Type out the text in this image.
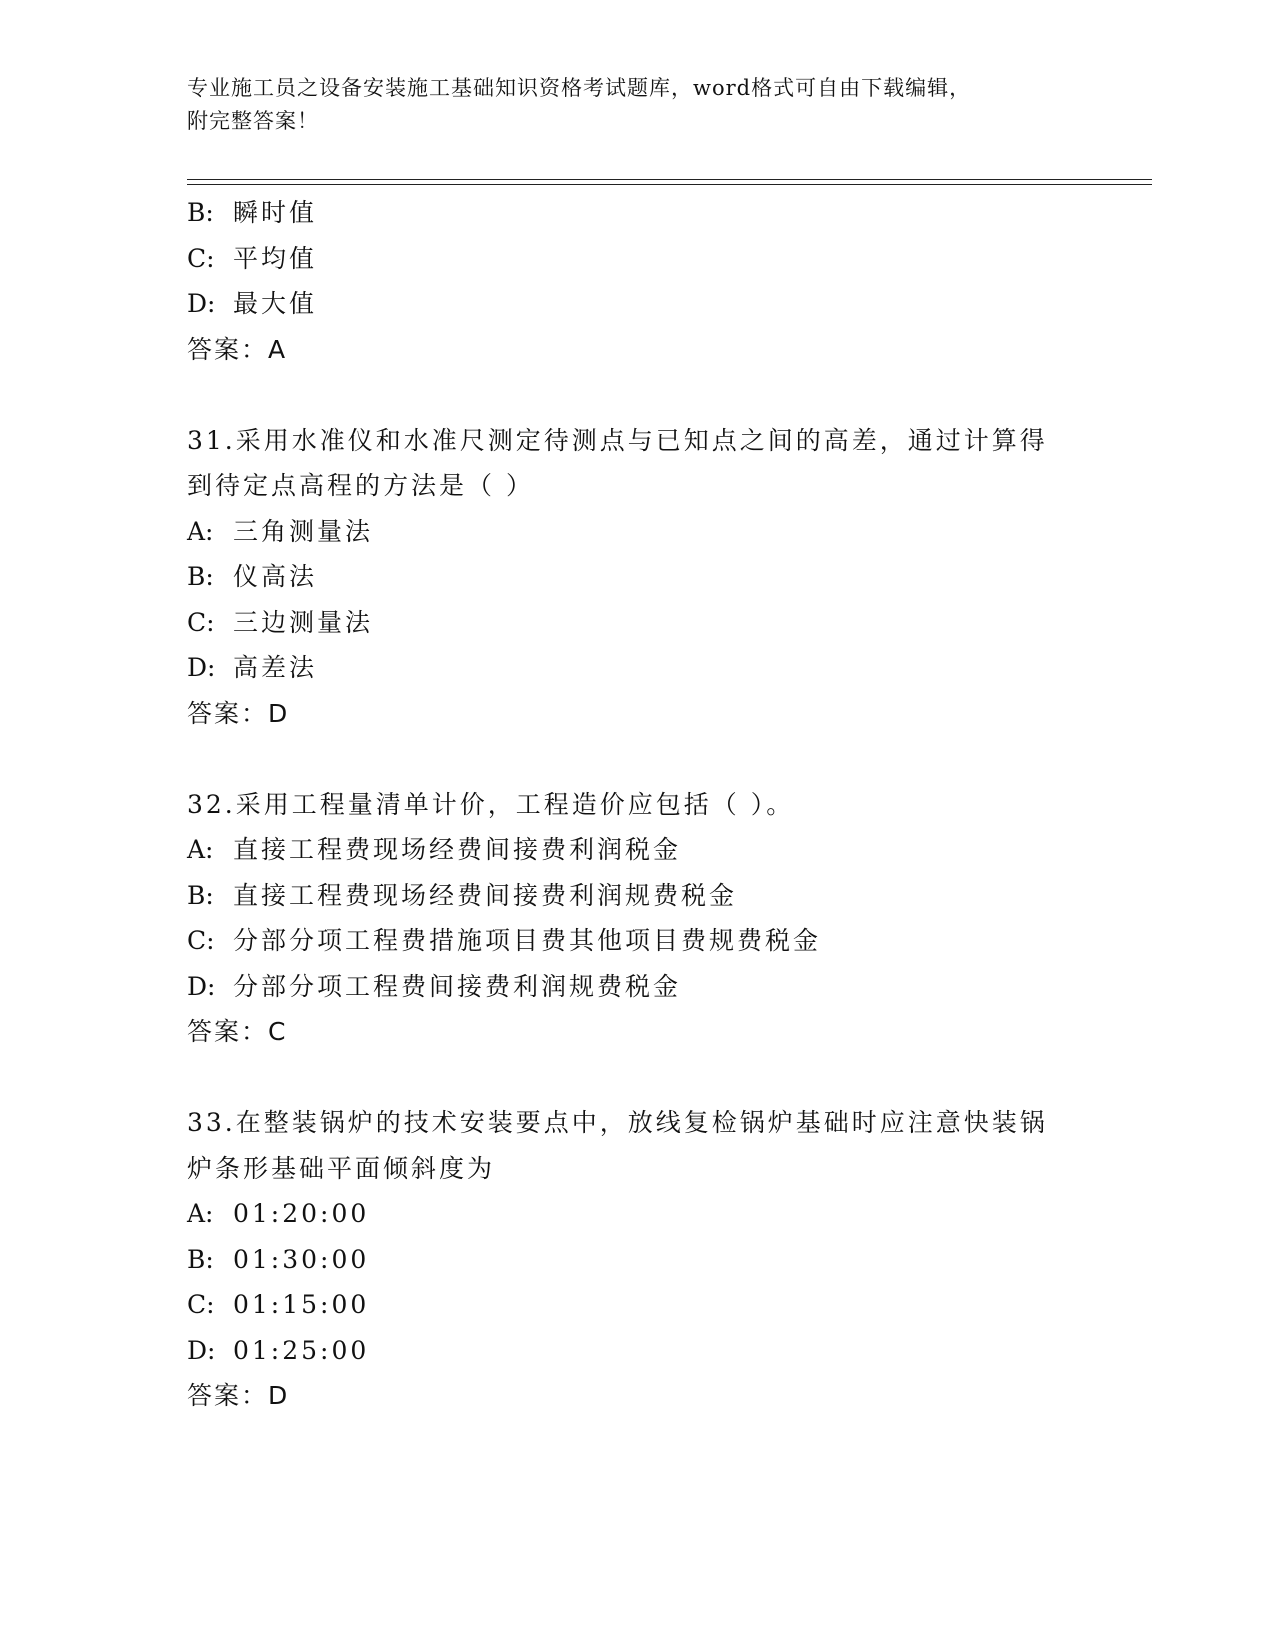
专业施工员之设备安装施工基础知识资格考试题库，word格式可自由下载编辑，
附完整答案！
B: 瞬时值
C: 平均值
D: 最大值
答案：A
31.采用水准仪和水准尺测定待测点与已知点之间的高差，通过计算得
到待定点高程的方法是（ ）
A: 三角测量法
B: 仪高法
C: 三边测量法
D: 高差法
答案：D
32.采用工程量清单计价，工程造价应包括（ ）。
A: 直接工程费现场经费间接费利润税金
B: 直接工程费现场经费间接费利润规费税金
C: 分部分项工程费措施项目费其他项目费规费税金
D: 分部分项工程费间接费利润规费税金
答案：C
33.在整装锅炉的技术安装要点中，放线复检锅炉基础时应注意快装锅
炉条形基础平面倾斜度为
A: 01:20:00
B: 01:30:00
C: 01:15:00
D: 01:25:00
答案：D
